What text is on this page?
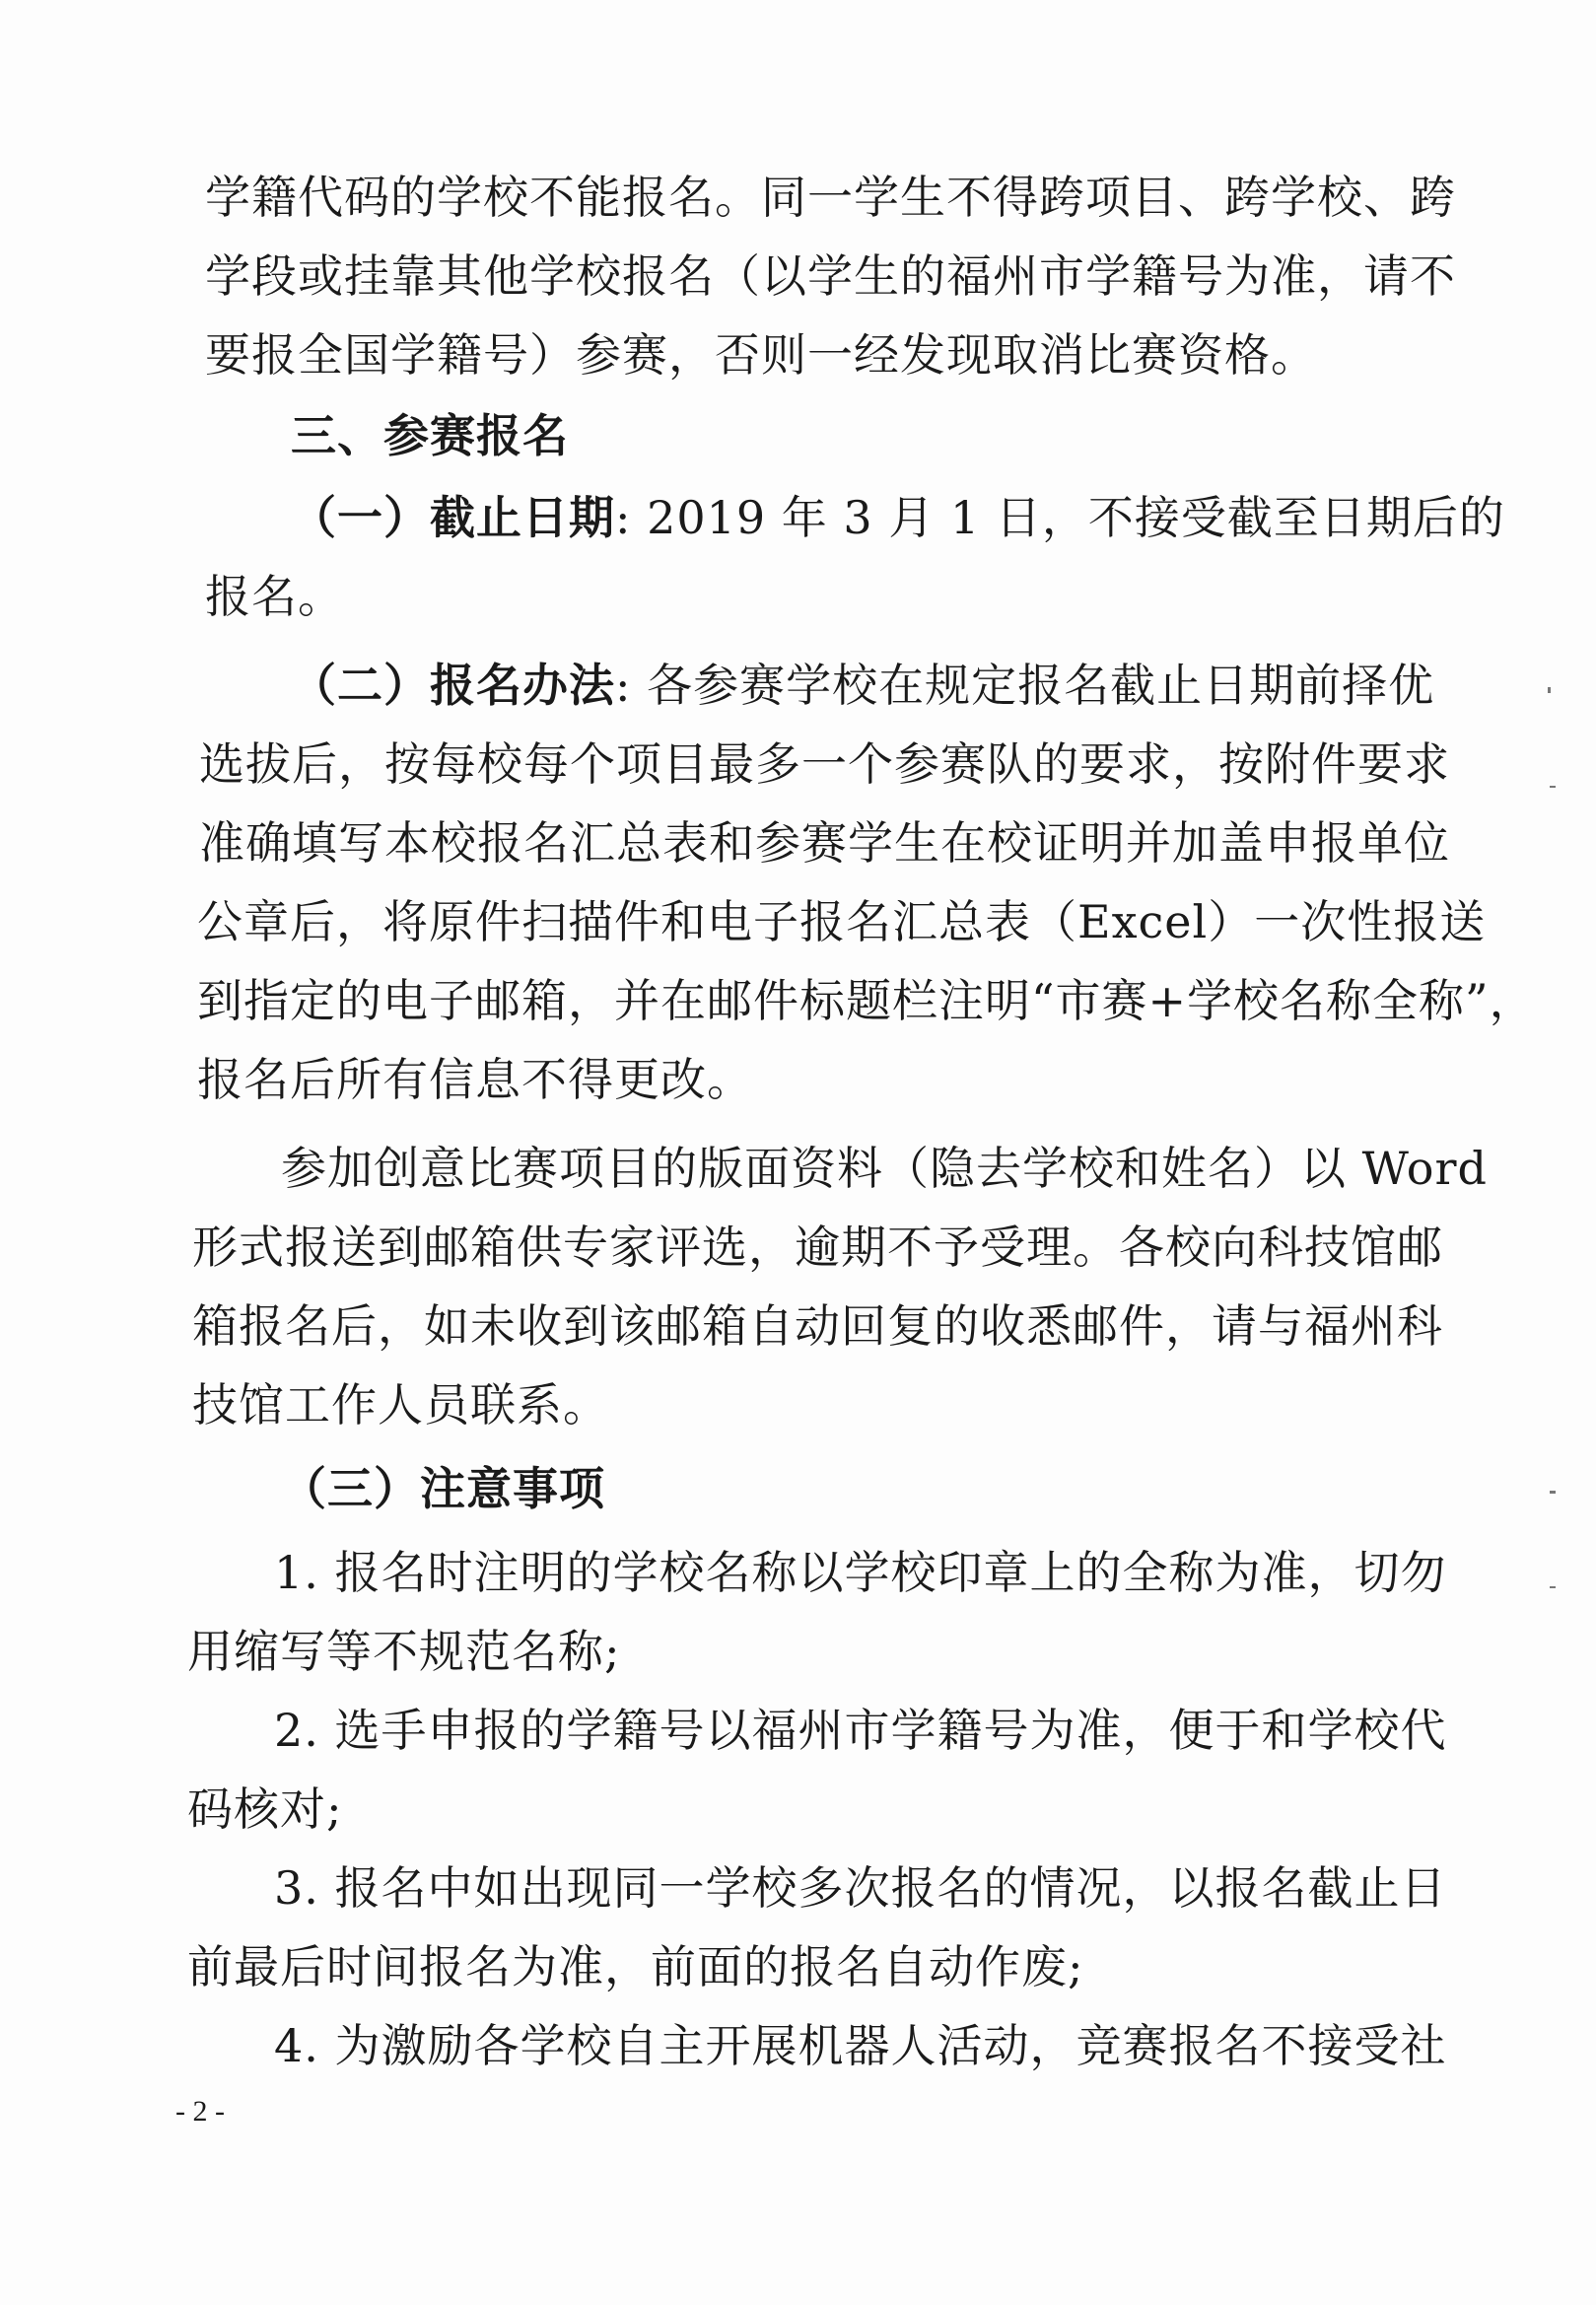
学籍代码的学校不能报名。同一学生不得跨项目、跨学校、跨
学段或挂靠其他学校报名（以学生的福州市学籍号为准，请不
要报全国学籍号）参赛，否则一经发现取消比赛资格。
三、参赛报名
（一）截止日期: 2019 年 3 月 1 日，不接受截至日期后的
报名。
（二）报名办法: 各参赛学校在规定报名截止日期前择优
选拔后，按每校每个项目最多一个参赛队的要求，按附件要求
准确填写本校报名汇总表和参赛学生在校证明并加盖申报单位
公章后，将原件扫描件和电子报名汇总表（Excel）一次性报送
到指定的电子邮箱，并在邮件标题栏注明“市赛+学校名称全称”，
报名后所有信息不得更改。
参加创意比赛项目的版面资料（隐去学校和姓名）以 Word
形式报送到邮箱供专家评选，逾期不予受理。各校向科技馆邮
箱报名后，如未收到该邮箱自动回复的收悉邮件，请与福州科
技馆工作人员联系。
（三）注意事项
1. 报名时注明的学校名称以学校印章上的全称为准，切勿
用缩写等不规范名称;
2. 选手申报的学籍号以福州市学籍号为准，便于和学校代
码核对;
3. 报名中如出现同一学校多次报名的情况，以报名截止日
前最后时间报名为准，前面的报名自动作废;
4. 为激励各学校自主开展机器人活动，竞赛报名不接受社
- 2 -
